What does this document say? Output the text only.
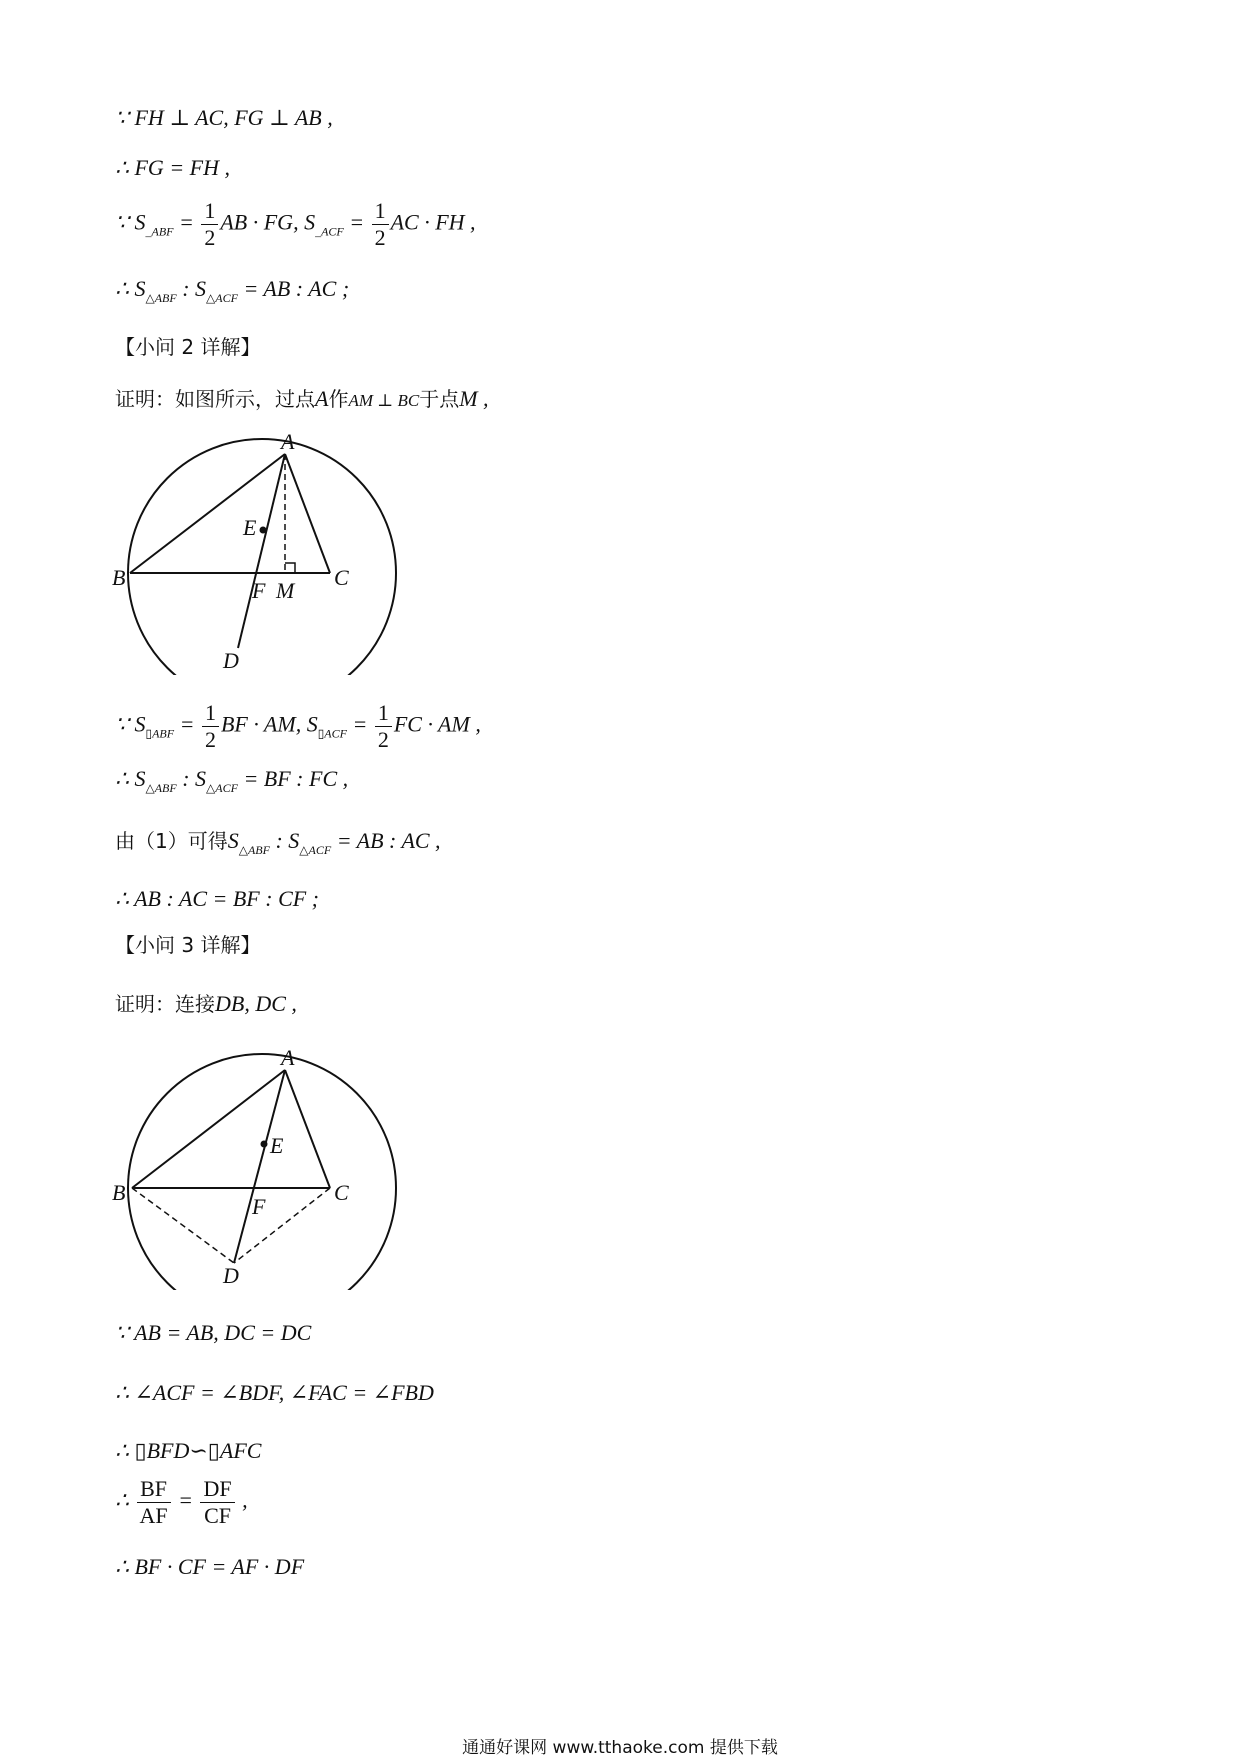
∵ FH ⊥ AC, FG ⊥ AB ,
∴ FG = FH ,
∵ $S_{\_ABF} = \frac{1}{2}$ AB · FG, $S_{\_ACF} = \frac{1}{2}$ AC · FH ,
∴ $S_{\triangle ABF}$ : $S_{\triangle ACF}$ = AB : AC ;
【小问 2 详解】
证明：如图所示，过点A作AM ⊥ BC于点M ,
A
B	C
D
E
F M
∵ $S_{▯ABF} = \frac{1}{2}$ BF · AM, $S_{▯ACF} = \frac{1}{2}$ FC · AM ,
∴ $S_{\triangle ABF}$ : $S_{\triangle ACF}$ = BF : FC ,
由（1）可得$S_{\triangle ABF}$ : $S_{\triangle ACF}$ = AB : AC ,
∴ AB : AC = BF : CF ;
【小问 3 详解】
证明：连接DB, DC ,
A
B	C
D
E
F
∵ AB = AB, DC = DC
∴ ∠ACF = ∠BDF, ∠FAC = ∠FBD
∴ ▯BFD∽▯AFC
∴ $\frac{BF}{AF} = \frac{DF}{CF}$ ,
∴ BF · CF = AF · DF
通通好课网 www.tthaoke.com 提供下载
